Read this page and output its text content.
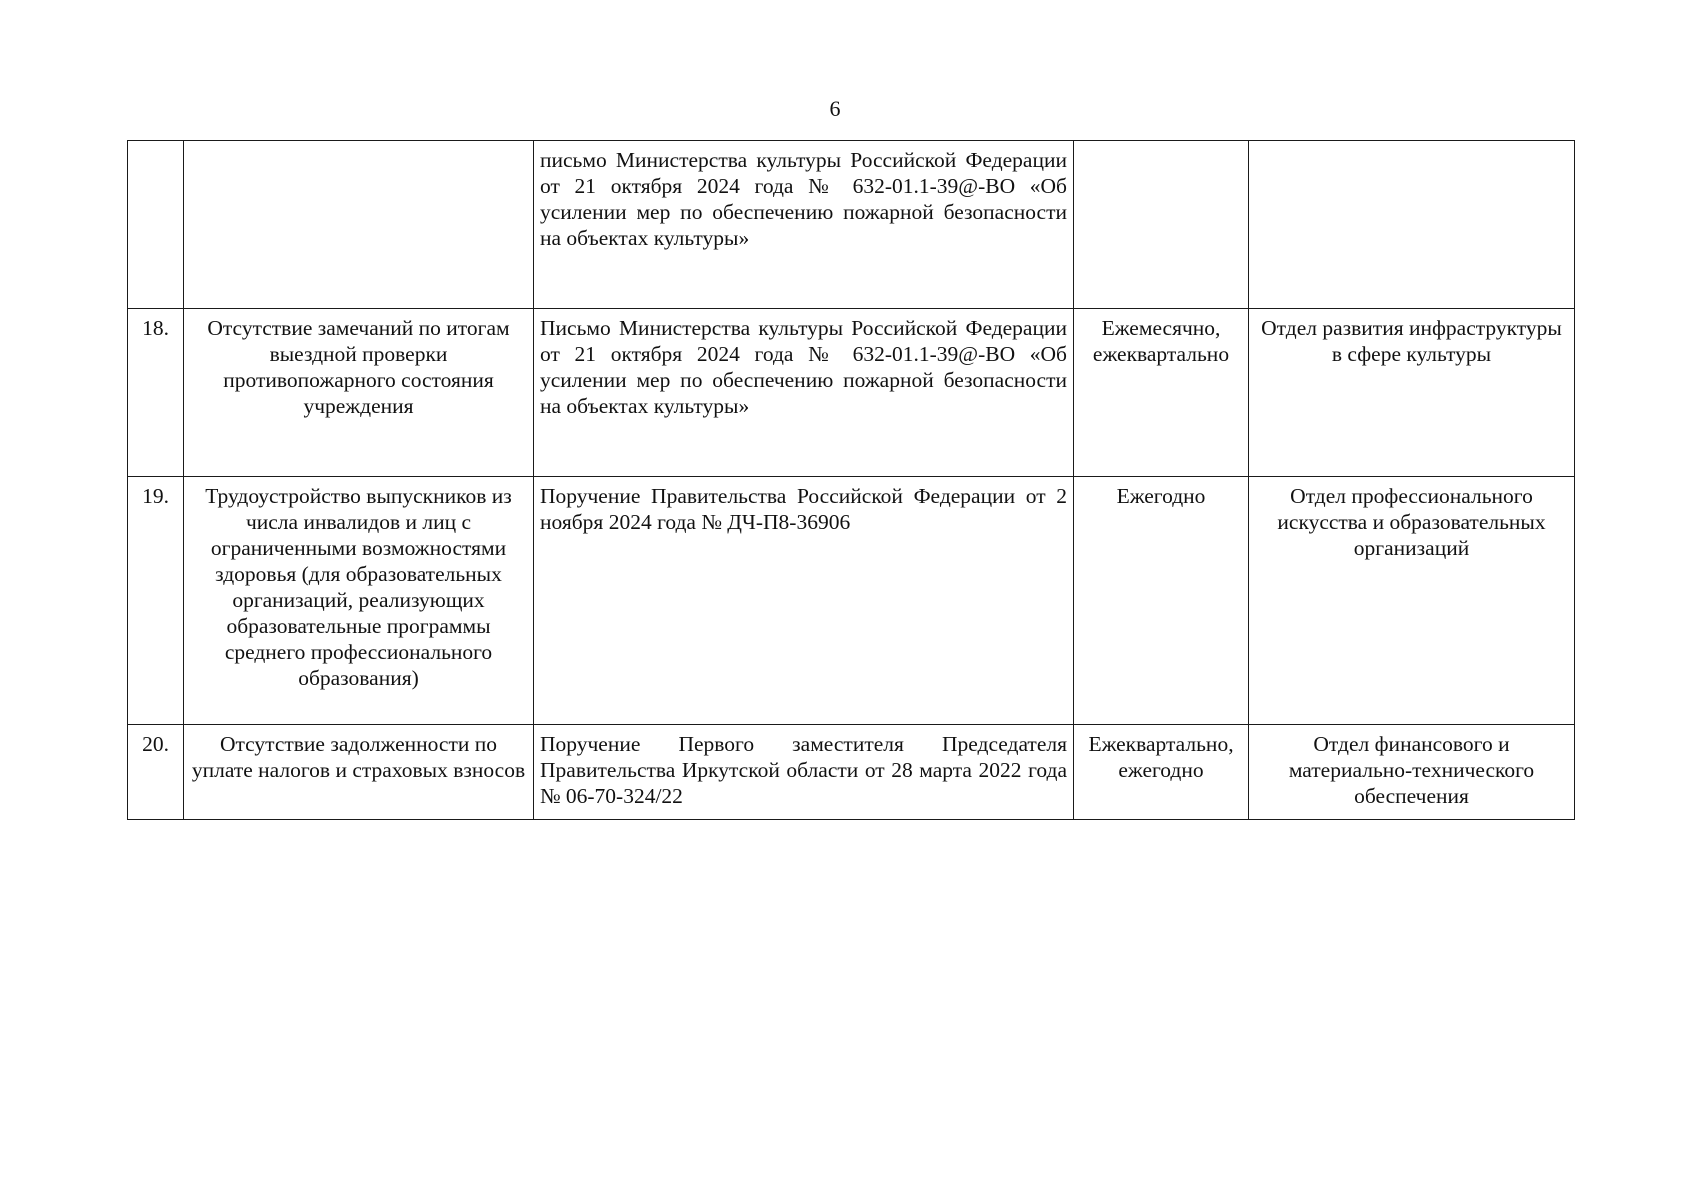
6
		письмо Министерства культуры Российской Федерации от 21 октября 2024 года № 632-01.1-39@-ВО «Об усилении мер по обеспечению пожарной безопасности на объектах культуры»		
18.	Отсутствие замечаний по итогам выездной проверки противопожарного состояния учреждения	Письмо Министерства культуры Российской Федерации от 21 октября 2024 года № 632-01.1-39@-ВО «Об усилении мер по обеспечению пожарной безопасности на объектах культуры»	Ежемесячно, ежеквартально	Отдел развития инфраструктуры в сфере культуры
19.	Трудоустройство выпускников из числа инвалидов и лиц с ограниченными возможностями здоровья (для образовательных организаций, реализующих образовательные программы среднего профессионального образования)	Поручение Правительства Российской Федерации от 2 ноября 2024 года № ДЧ-П8-36906	Ежегодно	Отдел профессионального искусства и образовательных организаций
20.	Отсутствие задолженности по уплате налогов и страховых взносов	Поручение Первого заместителя Председателя Правительства Иркутской области от 28 марта 2022 года № 06-70-324/22	Ежеквартально, ежегодно	Отдел финансового и материально-технического обеспечения
